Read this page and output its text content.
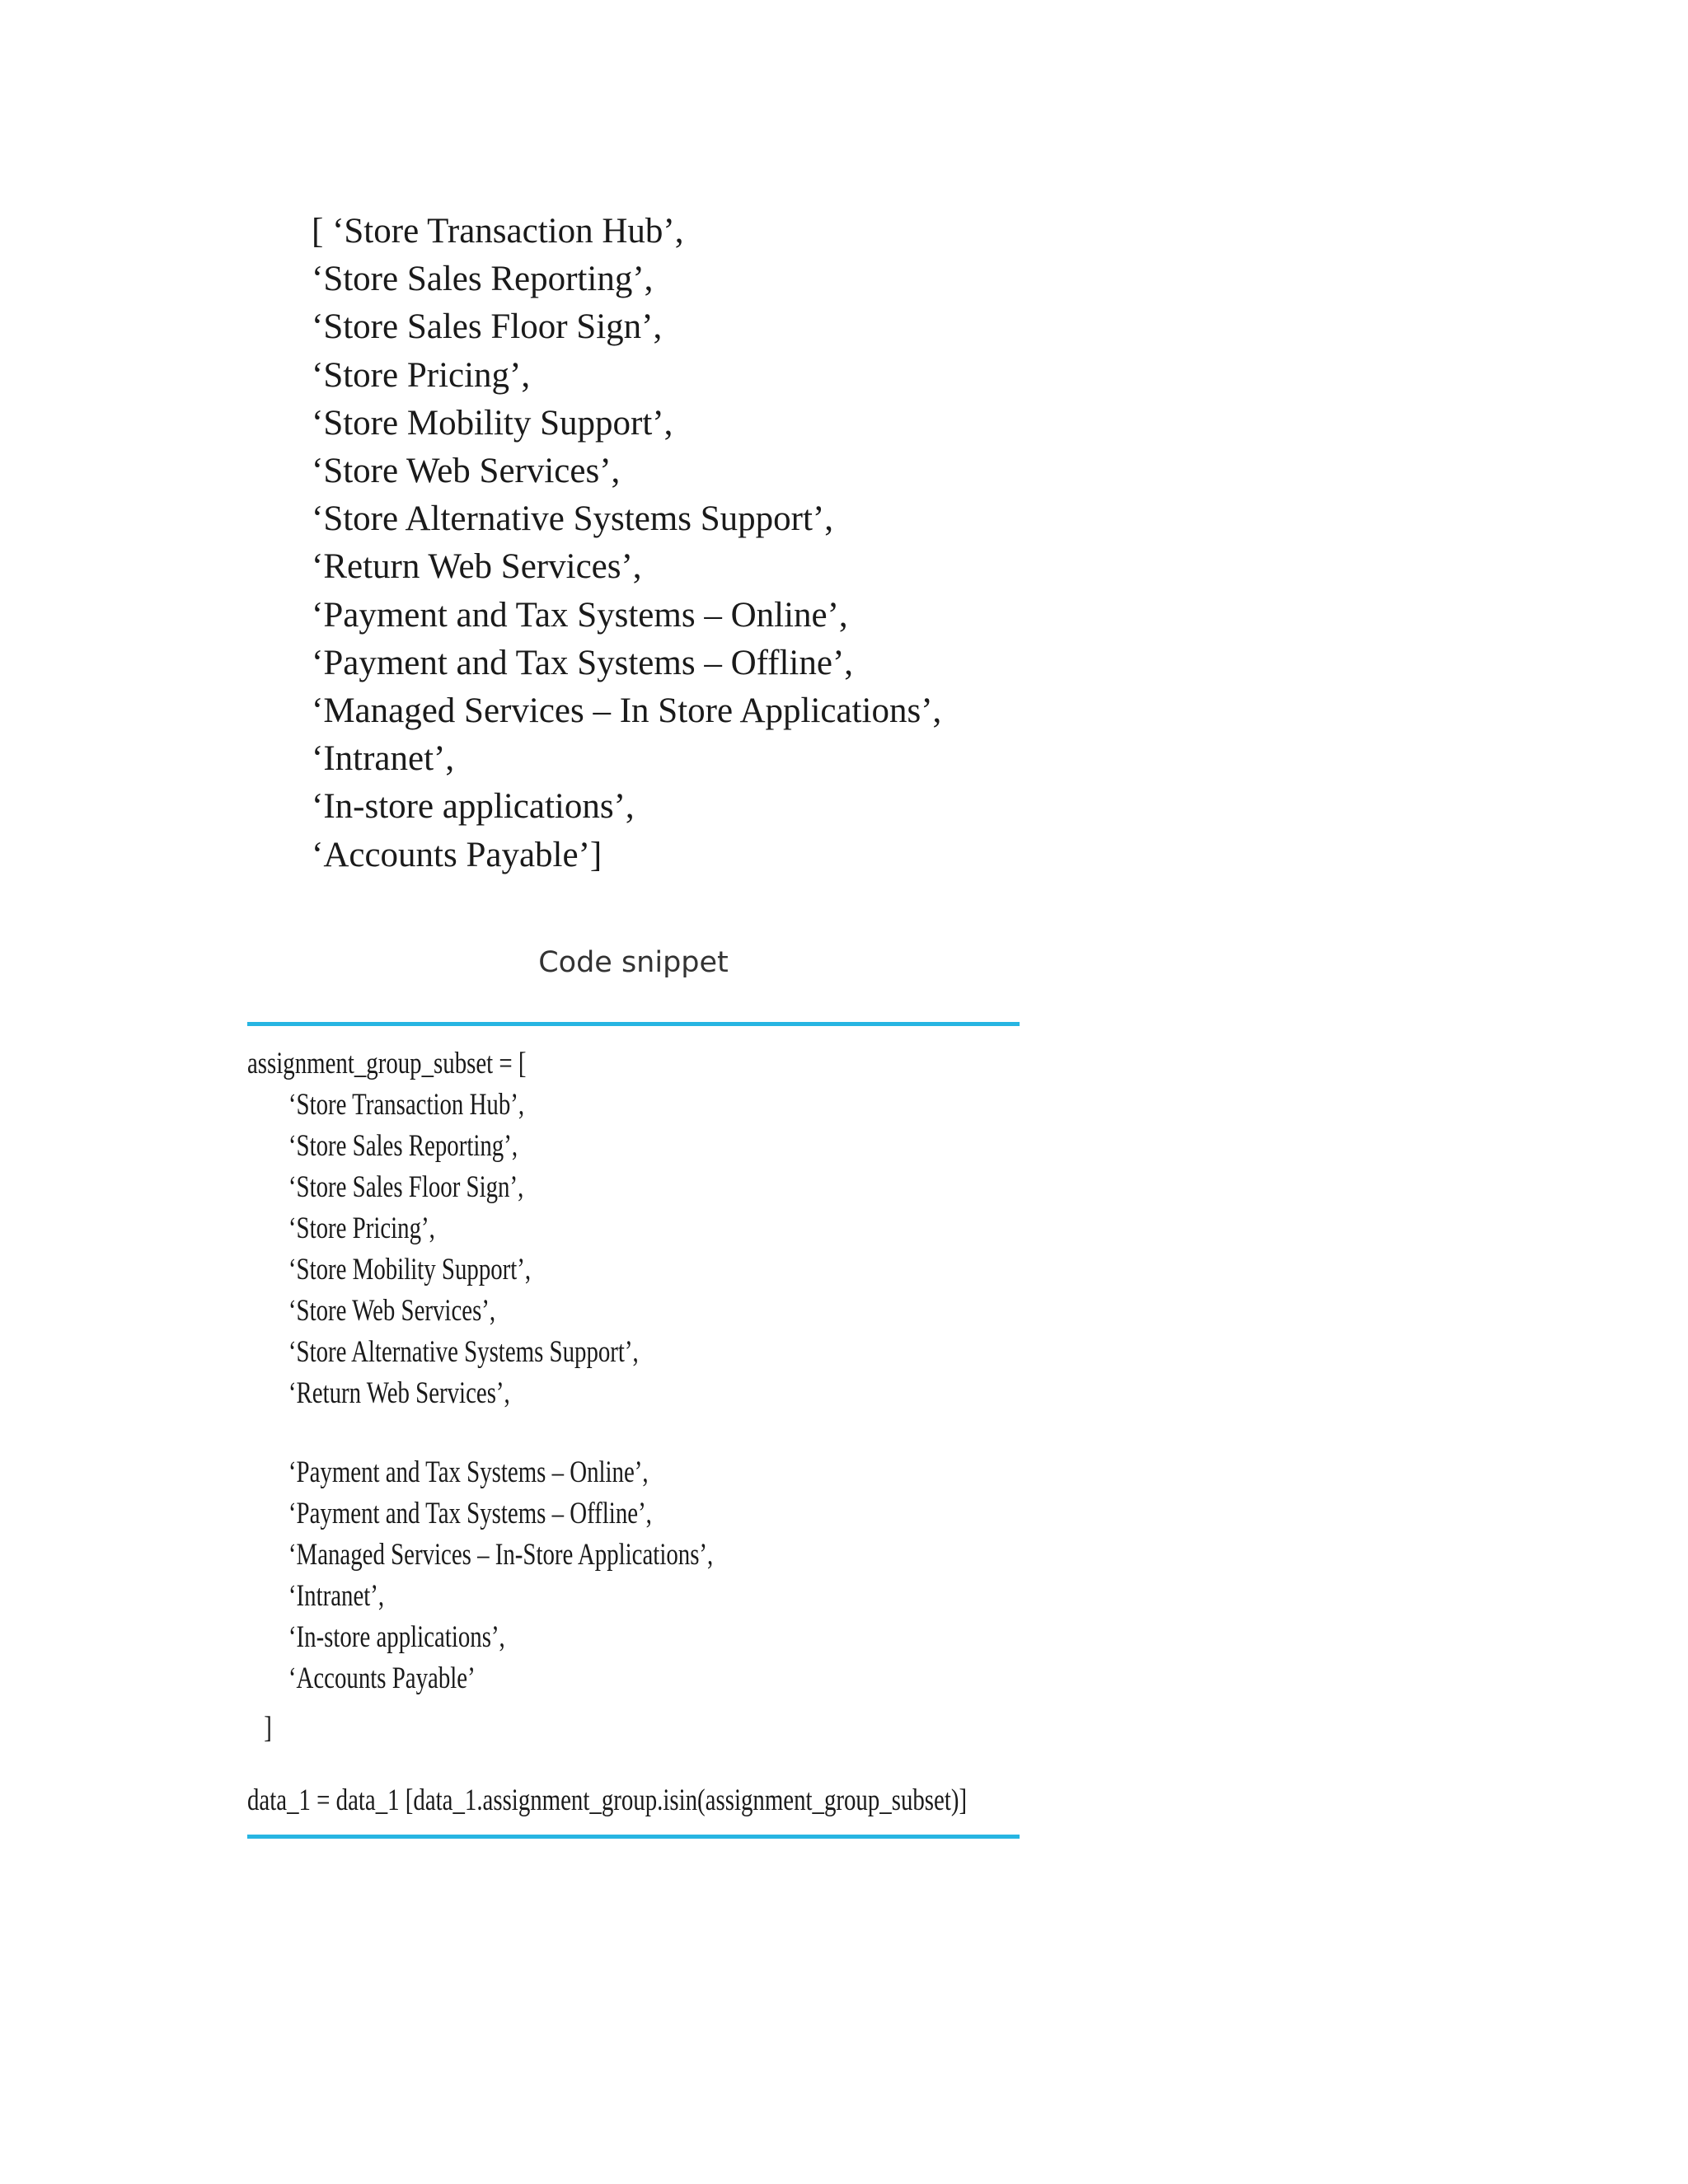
[ ‘Store Transaction Hub’,
‘Store Sales Reporting’,
‘Store Sales Floor Sign’,
‘Store Pricing’,
‘Store Mobility Support’,
‘Store Web Services’,
‘Store Alternative Systems Support’,
‘Return Web Services’,
‘Payment and Tax Systems – Online’,
‘Payment and Tax Systems – Offline’,
‘Managed Services – In Store Applications’,
‘Intranet’,
‘In-store applications’,
‘Accounts Payable’]
Code snippet
assignment_group_subset = [
‘Store Transaction Hub’,
‘Store Sales Reporting’,
‘Store Sales Floor Sign’,
‘Store Pricing’,
‘Store Mobility Support’,
‘Store Web Services’,
‘Store Alternative Systems Support’,
‘Return Web Services’,
‘Payment and Tax Systems – Online’,
‘Payment and Tax Systems – Offline’,
‘Managed Services – In-Store Applications’,
‘Intranet’,
‘In-store applications’,
‘Accounts Payable’
]
data_1 = data_1 [data_1.assignment_group.isin(assignment_group_subset)]
